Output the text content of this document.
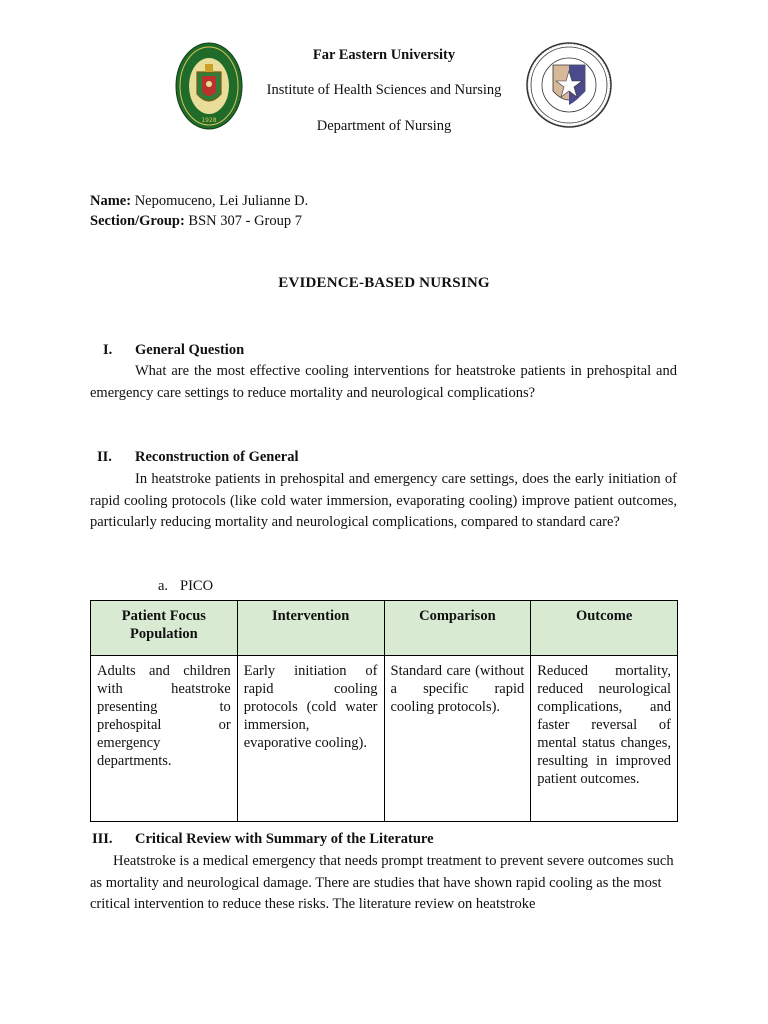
1928
Far Eastern University
Institute of Health Sciences and Nursing
Department of Nursing
Name: Nepomuceno, Lei Julianne D.
Section/Group: BSN 307 - Group 7
EVIDENCE-BASED NURSING
I. General Question
What are the most effective cooling interventions for heatstroke patients in prehospital and emergency care settings to reduce mortality and neurological complications?
II. Reconstruction of General
In heatstroke patients in prehospital and emergency care settings, does the early initiation of rapid cooling protocols (like cold water immersion, evaporating cooling) improve patient outcomes, particularly reducing mortality and neurological complications, compared to standard care?
a. PICO
Patient Focus Population	Intervention	Comparison	Outcome
Adults and children with heatstroke presenting to prehospital or emergency departments.	Early initiation of rapid cooling protocols (cold water immersion, evaporative cooling).	Standard care (without a specific rapid cooling protocols).	Reduced mortality, reduced neurological complications, and faster reversal of mental status changes, resulting in improved patient outcomes.
III. Critical Review with Summary of the Literature
Heatstroke is a medical emergency that needs prompt treatment to prevent severe outcomes such as mortality and neurological damage. There are studies that have shown rapid cooling as the most critical intervention to reduce these risks. The literature review on heatstroke
